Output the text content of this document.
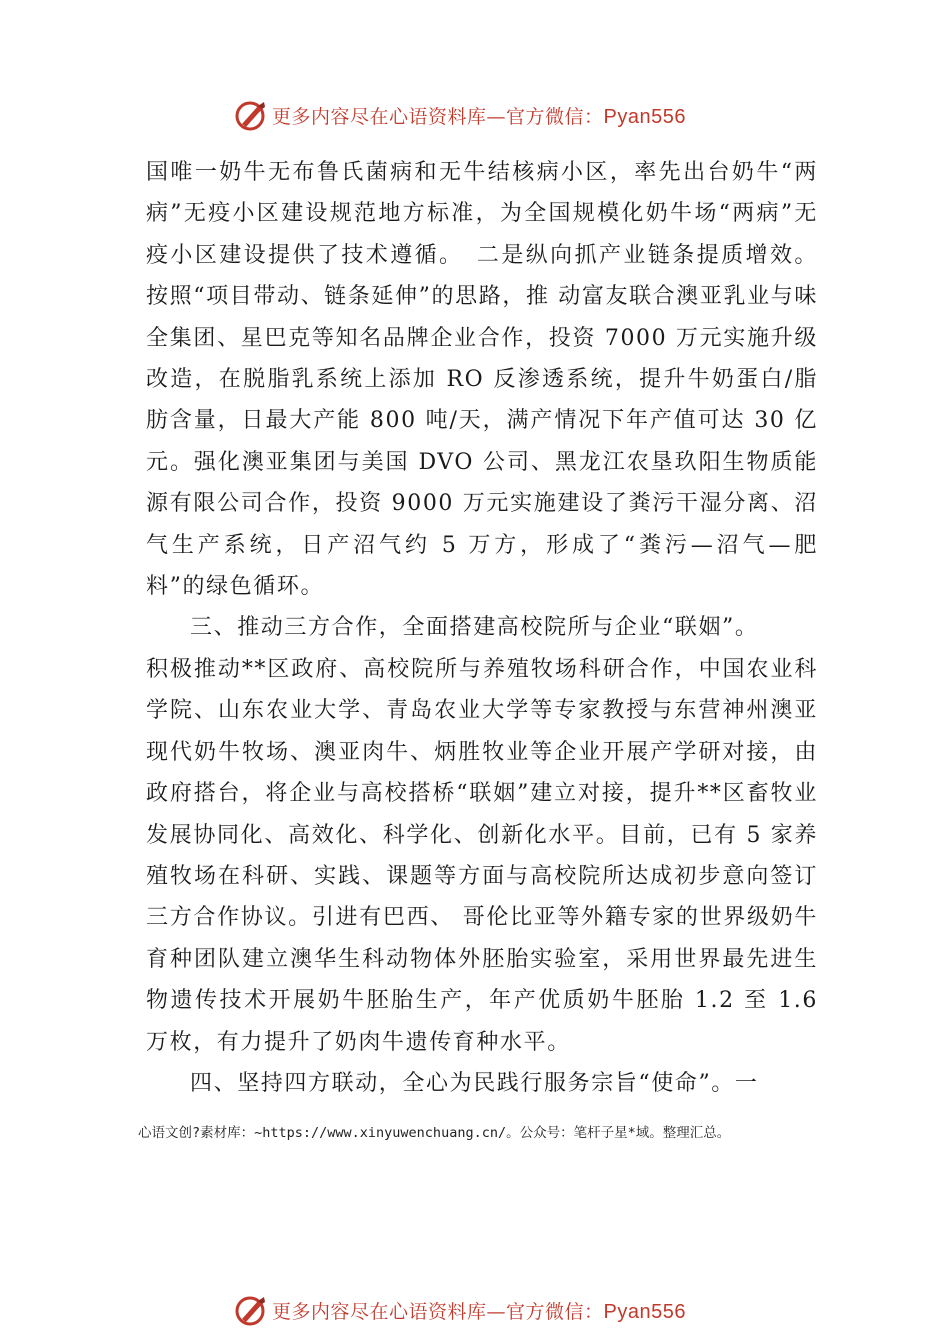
更多内容尽在心语资料库—官方微信：Pyan556

国唯一奶牛无布鲁氏菌病和无牛结核病小区，率先出台奶牛“两病”无疫小区建设规范地方标准，为全国规模化奶牛场“两病”无疫小区建设提供了技术遵循。　二是纵向抓产业链条提质增效。按照“项目带动、链条延伸”的思路，推 动富友联合澳亚乳业与味全集团、星巴克等知名品牌企业合作，投资 7000 万元实施升级改造，在脱脂乳系统上添加 RO 反渗透系统，提升牛奶蛋白/脂肪含量，日最大产能 800 吨/天，满产情况下年产值可达 30 亿元。强化澳亚集团与美国 DVO 公司、黑龙江农垦玖阳生物质能源有限公司合作，投资 9000 万元实施建设了粪污干湿分离、沼气生产系统，日产沼气约 5 万方，形成了“粪污—沼气—肥料”的绿色循环。

三、推动三方合作，全面搭建高校院所与企业“联姻”。

积极推动**区政府、高校院所与养殖牧场科研合作，中国农业科学院、山东农业大学、青岛农业大学等专家教授与东营神州澳亚现代奶牛牧场、澳亚肉牛、炳胜牧业等企业开展产学研对接，由政府搭台，将企业与高校搭桥“联姻”建立对接，提升**区畜牧业发展协同化、高效化、科学化、创新化水平。目前，已有 5 家养殖牧场在科研、实践、课题等方面与高校院所达成初步意向签订三方合作协议。引进有巴西、 哥伦比亚等外籍专家的世界级奶牛育种团队建立澳华生科动物体外胚胎实验室，采用世界最先进生物遗传技术开展奶牛胚胎生产，年产优质奶牛胚胎 1.2 至 1.6 万枚，有力提升了奶肉牛遗传育种水平。

四、坚持四方联动，全心为民践行服务宗旨“使命”。一

心语文创?素材库：~https://www.xinyuwenchuang.cn/。公众号：笔杆子星*域。整理汇总。
更多内容尽在心语资料库—官方微信：Pyan556
